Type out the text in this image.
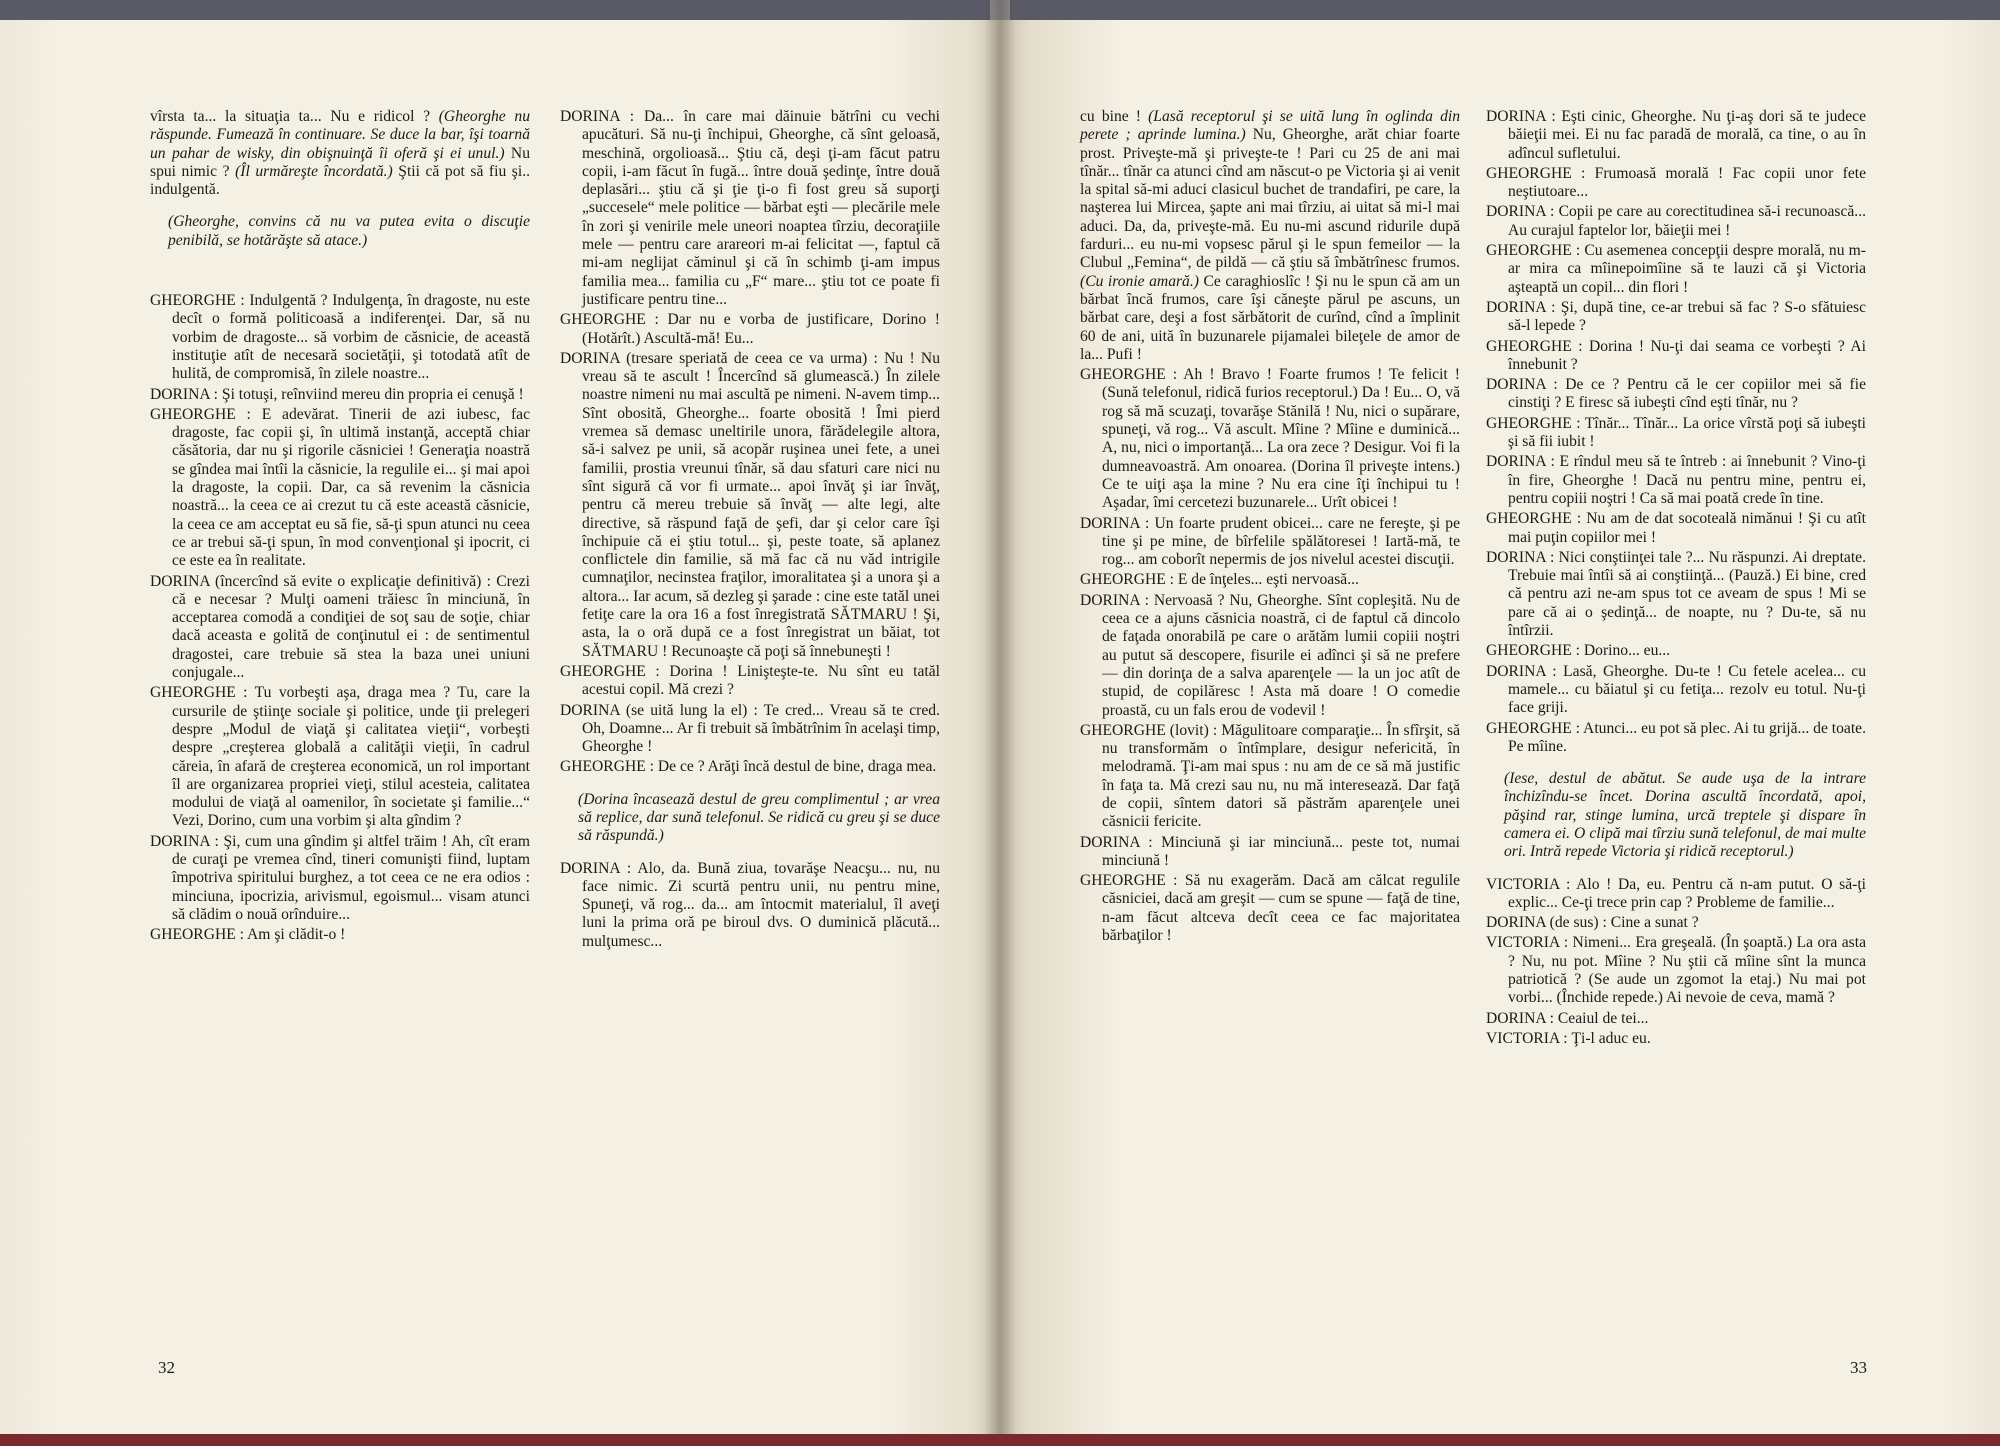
vîrsta ta... la situaţia ta... Nu e ridicol ? (Gheorghe nu răspunde. Fumează în continuare. Se duce la bar, îşi toarnă un pahar de wisky, din obişnuinţă îi oferă şi ei unul.) Nu spui nimic ? (Îl urmăreşte încordată.) Ştii că pot să fiu şi.. indulgentă.

(Gheorghe, convins că nu va putea evita o discuţie penibilă, se hotărăşte să atace.)

GHEORGHE : Indulgentă ? Indulgenţa, în dragoste, nu este decît o formă politicoasă a indiferenţei. Dar, să nu vorbim de dragoste... să vorbim de căsnicie, de această instituţie atît de necesară societăţii, şi totodată atît de hulită, de compromisă, în zilele noastre...

DORINA : Şi totuşi, reînviind mereu din propria ei cenuşă !

GHEORGHE : E adevărat. Tinerii de azi iubesc, fac dragoste, fac copii şi, în ultimă instanţă, acceptă chiar căsătoria, dar nu şi rigorile căsniciei ! Generaţia noastră se gîndea mai întîi la căsnicie, la regulile ei... şi mai apoi la dragoste, la copii. Dar, ca să revenim la căsnicia noastră... la ceea ce ai crezut tu că este această căsnicie, la ceea ce am acceptat eu să fie, să-ţi spun atunci nu ceea ce ar trebui să-ţi spun, în mod convenţional şi ipocrit, ci ce este ea în realitate.

DORINA (încercînd să evite o explicaţie definitivă) : Crezi că e necesar ? Mulţi oameni trăiesc în minciună, în acceptarea comodă a condiţiei de soţ sau de soţie, chiar dacă aceasta e golită de conţinutul ei : de sentimentul dragostei, care trebuie să stea la baza unei uniuni conjugale...

GHEORGHE : Tu vorbeşti aşa, draga mea ? Tu, care la cursurile de ştiinţe sociale şi politice, unde ţii prelegeri despre „Modul de viaţă şi calitatea vieţii“, vorbeşti despre „creşterea globală a calităţii vieţii, în cadrul căreia, în afară de creşterea economică, un rol important îl are organizarea propriei vieţi, stilul acesteia, calitatea modului de viaţă al oamenilor, în societate şi familie...“ Vezi, Dorino, cum una vorbim şi alta gîndim ?

DORINA : Şi, cum una gîndim şi altfel trăim ! Ah, cît eram de curaţi pe vremea cînd, tineri comunişti fiind, luptam împotriva spiritului burghez, a tot ceea ce ne era odios : minciuna, ipocrizia, arivismul, egoismul... visam atunci să clădim o nouă orînduire...

GHEORGHE : Am şi clădit-o !

DORINA : Da... în care mai dăinuie bătrîni cu vechi apucături. Să nu-ţi închipui, Gheorghe, că sînt geloasă, meschină, orgolioasă... Ştiu că, deşi ţi-am făcut patru copii, i-am făcut în fugă... între două şedinţe, între două deplasări... ştiu că şi ţie ţi-o fi fost greu să suporţi „succesele“ mele politice — bărbat eşti — plecările mele în zori şi venirile mele uneori noaptea tîrziu, decoraţiile mele — pentru care arareori m-ai felicitat —, faptul că mi-am neglijat căminul şi că în schimb ţi-am impus familia mea... familia cu „F“ mare... ştiu tot ce poate fi justificare pentru tine...

GHEORGHE : Dar nu e vorba de justificare, Dorino ! (Hotărît.) Ascultă-mă! Eu...

DORINA (tresare speriată de ceea ce va urma) : Nu ! Nu vreau să te ascult ! Încercînd să glumească.) În zilele noastre nimeni nu mai ascultă pe nimeni. N-avem timp... Sînt obosită, Gheorghe... foarte obosită ! Îmi pierd vremea să demasc uneltirile unora, fărădelegile altora, să-i salvez pe unii, să acopăr ruşinea unei fete, a unei familii, prostia vreunui tînăr, să dau sfaturi care nici nu sînt sigură că vor fi urmate... apoi învăţ şi iar învăţ, pentru că mereu trebuie să învăţ — alte legi, alte directive, să răspund faţă de şefi, dar şi celor care îşi închipuie că ei ştiu totul... şi, peste toate, să aplanez conflictele din familie, să mă fac că nu văd intrigile cumnaţilor, necinstea fraţilor, imoralitatea şi a unora şi a altora... Iar acum, să dezleg şi şarade : cine este tatăl unei fetiţe care la ora 16 a fost înregistrată SĂTMARU ! Şi, asta, la o oră după ce a fost înregistrat un băiat, tot SĂTMARU ! Recunoaşte că poţi să înnebuneşti !

GHEORGHE : Dorina ! Linişteşte-te. Nu sînt eu tatăl acestui copil. Mă crezi ?

DORINA (se uită lung la el) : Te cred... Vreau să te cred. Oh, Doamne... Ar fi trebuit să îmbătrînim în acelaşi timp, Gheorghe !

GHEORGHE : De ce ? Arăţi încă destul de bine, draga mea.

(Dorina încasează destul de greu complimentul ; ar vrea să replice, dar sună telefonul. Se ridică cu greu şi se duce să răspundă.)

DORINA : Alo, da. Bună ziua, tovarăşe Neacşu... nu, nu face nimic. Zi scurtă pentru unii, nu pentru mine, Spuneţi, vă rog... da... am întocmit materialul, îl aveţi luni la prima oră pe biroul dvs. O duminică plăcută... mulţumesc...

32

cu bine ! (Lasă receptorul şi se uită lung în oglinda din perete ; aprinde lumina.) Nu, Gheorghe, arăt chiar foarte prost. Priveşte-mă şi priveşte-te ! Pari cu 25 de ani mai tînăr... tînăr ca atunci cînd am născut-o pe Victoria şi ai venit la spital să-mi aduci clasicul buchet de trandafiri, pe care, la naşterea lui Mircea, şapte ani mai tîrziu, ai uitat să mi-l mai aduci. Da, da, priveşte-mă. Eu nu-mi ascund ridurile după farduri... eu nu-mi vopsesc părul şi le spun femeilor — la Clubul „Femina“, de pildă — că ştiu să îmbătrînesc frumos. (Cu ironie amară.) Ce caraghioslîc ! Şi nu le spun că am un bărbat încă frumos, care îşi căneşte părul pe ascuns, un bărbat care, deşi a fost sărbătorit de curînd, cînd a împlinit 60 de ani, uită în buzunarele pijamalei bileţele de amor de la... Pufi !

GHEORGHE : Ah ! Bravo ! Foarte frumos ! Te felicit ! (Sună telefonul, ridică furios receptorul.) Da ! Eu... O, vă rog să mă scuzaţi, tovarăşe Stănilă ! Nu, nici o supărare, spuneţi, vă rog... Vă ascult. Mîine ? Mîine e duminică... A, nu, nici o importanţă... La ora zece ? Desigur. Voi fi la dumneavoastră. Am onoarea. (Dorina îl priveşte intens.) Ce te uiţi aşa la mine ? Nu era cine îţi închipui tu ! Aşadar, îmi cercetezi buzunarele... Urît obicei !

DORINA : Un foarte prudent obicei... care ne fereşte, şi pe tine şi pe mine, de bîrfelile spălătoresei ! Iartă-mă, te rog... am coborît nepermis de jos nivelul acestei discuţii.

GHEORGHE : E de înţeles... eşti nervoasă...

DORINA : Nervoasă ? Nu, Gheorghe. Sînt copleşită. Nu de ceea ce a ajuns căsnicia noastră, ci de faptul că dincolo de faţada onorabilă pe care o arătăm lumii copiii noştri au putut să descopere, fisurile ei adînci şi să ne prefere — din dorinţa de a salva aparenţele — la un joc atît de stupid, de copilăresc ! Asta mă doare ! O comedie proastă, cu un fals erou de vodevil !

GHEORGHE (lovit) : Măgulitoare comparaţie... În sfîrşit, să nu transformăm o întîmplare, desigur nefericită, în melodramă. Ţi-am mai spus : nu am de ce să mă justific în faţa ta. Mă crezi sau nu, nu mă interesează. Dar faţă de copii, sîntem datori să păstrăm aparenţele unei căsnicii fericite.

DORINA : Minciună şi iar minciună... peste tot, numai minciună !

GHEORGHE : Să nu exagerăm. Dacă am călcat regulile căsniciei, dacă am greşit — cum se spune — faţă de tine, n-am făcut altceva decît ceea ce fac majoritatea bărbaţilor !

DORINA : Eşti cinic, Gheorghe. Nu ţi-aş dori să te judece băieţii mei. Ei nu fac paradă de morală, ca tine, o au în adîncul sufletului.

GHEORGHE : Frumoasă morală ! Fac copii unor fete neştiutoare...

DORINA : Copii pe care au corectitudinea să-i recunoască... Au curajul faptelor lor, băieţii mei !

GHEORGHE : Cu asemenea concepţii despre morală, nu m-ar mira ca mîinepoimîine să te lauzi că şi Victoria aşteaptă un copil... din flori !

DORINA : Şi, după tine, ce-ar trebui să fac ? S-o sfătuiesc să-l lepede ?

GHEORGHE : Dorina ! Nu-ţi dai seama ce vorbeşti ? Ai înnebunit ?

DORINA : De ce ? Pentru că le cer copiilor mei să fie cinstiţi ? E firesc să iubeşti cînd eşti tînăr, nu ?

GHEORGHE : Tînăr... Tînăr... La orice vîrstă poţi să iubeşti şi să fii iubit !

DORINA : E rîndul meu să te întreb : ai înnebunit ? Vino-ţi în fire, Gheorghe ! Dacă nu pentru mine, pentru ei, pentru copiii noştri ! Ca să mai poată crede în tine.

GHEORGHE : Nu am de dat socoteală nimănui ! Şi cu atît mai puţin copiilor mei !

DORINA : Nici conştiinţei tale ?... Nu răspunzi. Ai dreptate. Trebuie mai întîi să ai conştiinţă... (Pauză.) Ei bine, cred că pentru azi ne-am spus tot ce aveam de spus ! Mi se pare că ai o şedinţă... de noapte, nu ? Du-te, să nu întîrzii.

GHEORGHE : Dorino... eu...

DORINA : Lasă, Gheorghe. Du-te ! Cu fetele acelea... cu mamele... cu băiatul şi cu fetiţa... rezolv eu totul. Nu-ţi face griji.

GHEORGHE : Atunci... eu pot să plec. Ai tu grijă... de toate. Pe mîine.

(Iese, destul de abătut. Se aude uşa de la intrare închizîndu-se încet. Dorina ascultă încordată, apoi, păşind rar, stinge lumina, urcă treptele şi dispare în camera ei. O clipă mai tîrziu sună telefonul, de mai multe ori. Intră repede Victoria şi ridică receptorul.)

VICTORIA : Alo ! Da, eu. Pentru că n-am putut. O să-ţi explic... Ce-ţi trece prin cap ? Probleme de familie...

DORINA (de sus) : Cine a sunat ?

VICTORIA : Nimeni... Era greşeală. (În şoaptă.) La ora asta ? Nu, nu pot. Mîine ? Nu ştii că mîine sînt la munca patriotică ? (Se aude un zgomot la etaj.) Nu mai pot vorbi... (Închide repede.) Ai nevoie de ceva, mamă ?

DORINA : Ceaiul de tei...

VICTORIA : Ţi-l aduc eu.

33
